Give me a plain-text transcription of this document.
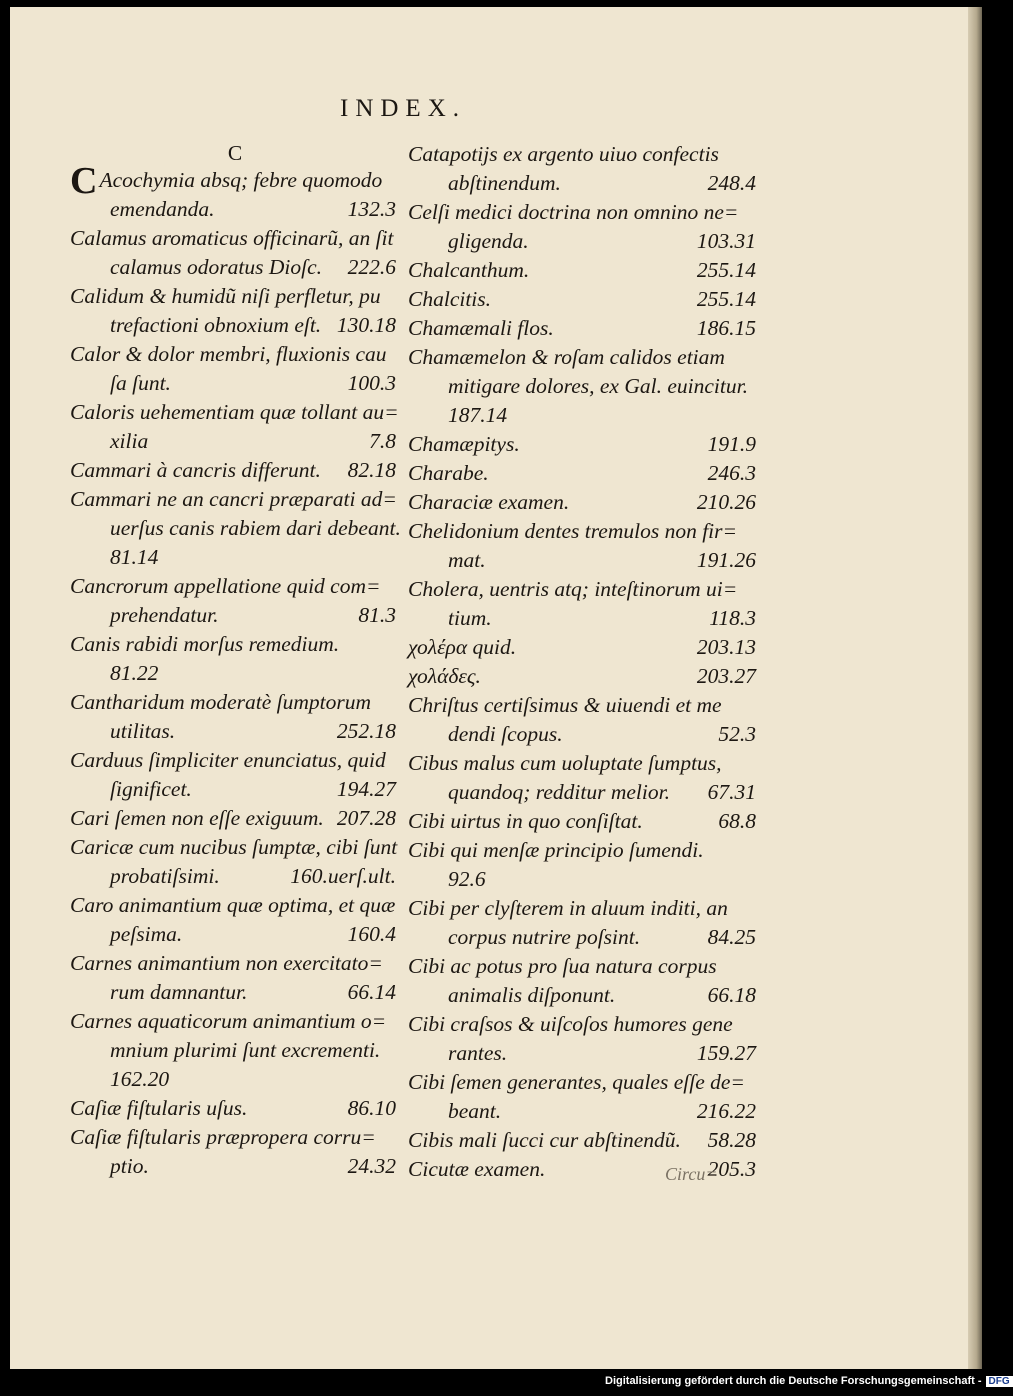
INDEX.
C
C Acochymia absq; febre quomodo
emendanda.	132.3
Calamus aromaticus officinarũ, an ſit
calamus odoratus Dioſc. 222.6
Calidum & humidũ niſi perfletur, pu
trefactioni obnoxium eſt. 130.18
Calor & dolor membri, fluxionis cau
ſa ſunt.	100.3
Caloris uehementiam quæ tollant au=
xilia	7.8
Cammari à cancris differunt. 82.18
Cammari ne an cancri præparati ad=
uerſus canis rabiem dari debeant.
81.14
Cancrorum appellatione quid com=
prehendatur.	81.3
Canis rabidi morſus remedium.
81.22
Cantharidum moderatè ſumptorum
utilitas.	252.18
Carduus ſimpliciter enunciatus, quid
ſignificet.	194.27
Cari ſemen non eſſe exiguum. 207.28
Caricæ cum nucibus ſumptæ, cibi ſunt
probatiſsimi.	160.uerſ.ult.
Caro animantium quæ optima, et quæ
peſsima.	160.4
Carnes animantium non exercitato=
rum damnantur.	66.14
Carnes aquaticorum animantium o=
mnium plurimi ſunt excrementi.
162.20
Caſiæ fiſtularis uſus.	86.10
Caſiæ fiſtularis præpropera corru=
ptio.	24.32
Catapotijs ex argento uiuo confectis
abſtinendum.	248.4
Celſi medici doctrina non omnino ne=
gligenda.	103.31
Chalcanthum.	255.14
Chalcitis.	255.14
Chamæmali flos.	186.15
Chamæmelon & roſam calidos etiam
mitigare dolores, ex Gal. euincitur.
187.14
Chamæpitys.	191.9
Charabe.	246.3
Characiæ examen.	210.26
Chelidonium dentes tremulos non fir=
mat.	191.26
Cholera, uentris atq; inteſtinorum ui=
tium.	118.3
χολέρα quid.	203.13
χολάδες.	203.27
Chriſtus certiſsimus & uiuendi et me
dendi ſcopus.	52.3
Cibus malus cum uoluptate ſumptus,
quandoq; redditur melior. 67.31
Cibi uirtus in quo conſiſtat.	68.8
Cibi qui menſæ principio ſumendi.
92.6
Cibi per clyſterem in aluum inditi, an
corpus nutrire poſsint.	84.25
Cibi ac potus pro ſua natura corpus
animalis diſponunt.	66.18
Cibi craſsos & uiſcoſos humores gene
rantes.	159.27
Cibi ſemen generantes, quales eſſe de=
beant.	216.22
Cibis mali ſucci cur abſtinendũ. 58.28
Cicutæ examen.	205.3
Circu=
Digitalisierung gefördert durch die Deutsche Forschungsgemeinschaft - DFG
